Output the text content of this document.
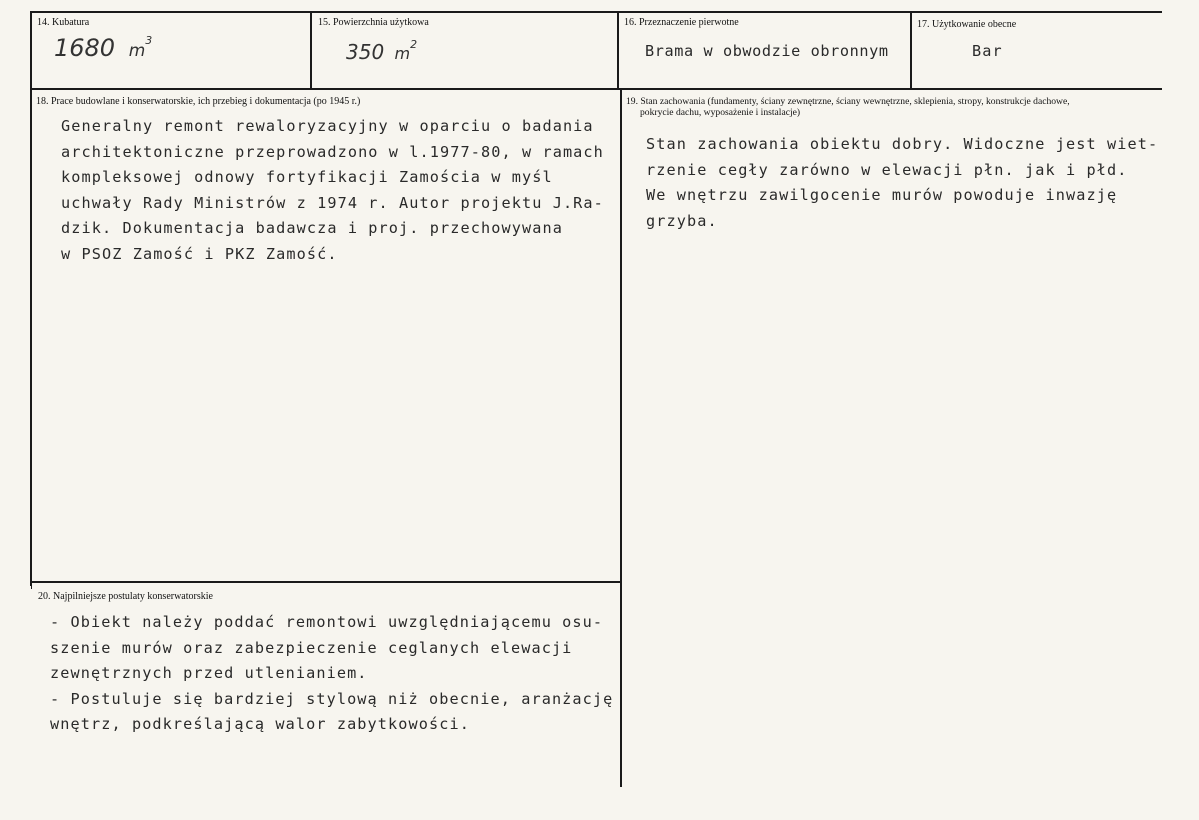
14. Kubatura
1680 $m^3$
15. Powierzchnia użytkowa
350 $m^2$
16. Przeznaczenie pierwotne
Brama w obwodzie obronnym
17. Użytkowanie obecne
Bar
18. Prace budowlane i konserwatorskie, ich przebieg i dokumentacja (po 1945 r.)
Generalny remont rewaloryzacyjny w oparciu o badania
architektoniczne przeprowadzono w l.1977-80, w ramach
kompleksowej odnowy fortyfikacji Zamościa w myśl
uchwały Rady Ministrów z 1974 r. Autor projektu J.Ra-
dzik. Dokumentacja badawcza i proj. przechowywana
w PSOZ Zamość i PKZ Zamość.
19. Stan zachowania (fundamenty, ściany zewnętrzne, ściany wewnętrzne, sklepienia, stropy, konstrukcje dachowe,
pokrycie dachu, wyposażenie i instalacje)
Stan zachowania obiektu dobry. Widoczne jest wiet-
rzenie cegły zarówno w elewacji płn. jak i płd.
We wnętrzu zawilgocenie murów powoduje inwazję
grzyba.
20. Najpilniejsze postulaty konserwatorskie
- Obiekt należy poddać remontowi uwzględniającemu osu-
szenie murów oraz zabezpieczenie ceglanych elewacji
zewnętrznych przed utlenianiem.
- Postuluje się bardziej stylową niż obecnie, aranżację
wnętrz, podkreślającą walor zabytkowości.
